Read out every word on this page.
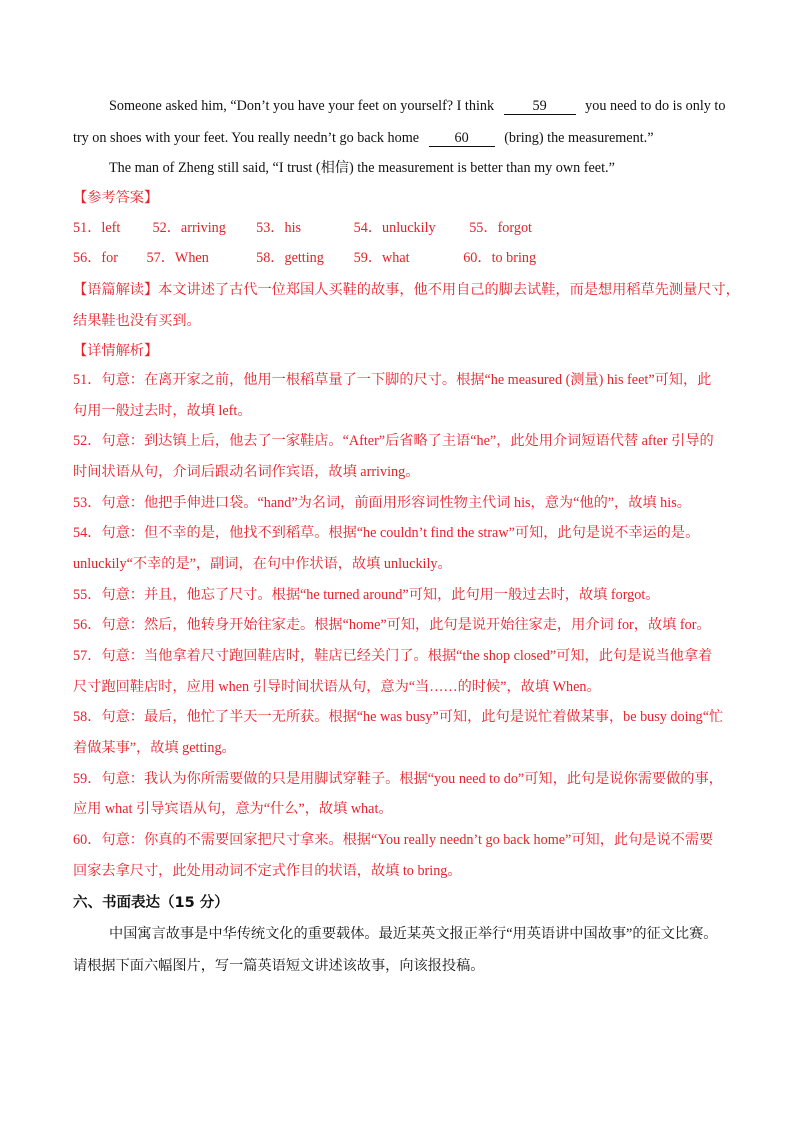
Someone asked him, “Don’t you have your feet on yourself? I think	59	you need to do is only to
try on shoes with your feet. You really needn’t go back home 60 (bring) the measurement.”
The man of Zheng still said, “I trust (相信) the measurement is better than my own feet.”
【参考答案】
51．left 52．arriving 53．his	54．unluckily 55．forgot
56．for 57．When	58．getting 59．what	60．to bring
【语篇解读】本文讲述了古代一位郑国人买鞋的故事，他不用自己的脚去试鞋，而是想用稻草先测量尺寸，
结果鞋也没有买到。
【详情解析】
51．句意：在离开家之前，他用一根稻草量了一下脚的尺寸。根据“he measured (测量) his feet”可知，此
句用一般过去时，故填 left。
52．句意：到达镇上后，他去了一家鞋店。“After”后省略了主语“he”，此处用介词短语代替 after 引导的
时间状语从句，介词后跟动名词作宾语，故填 arriving。
53．句意：他把手伸进口袋。“hand”为名词，前面用形容词性物主代词 his，意为“他的”，故填 his。
54．句意：但不幸的是，他找不到稻草。根据“he couldn’t find the straw”可知，此句是说不幸运的是。
unluckily“不幸的是”，副词，在句中作状语，故填 unluckily。
55．句意：并且，他忘了尺寸。根据“he turned around”可知，此句用一般过去时，故填 forgot。
56．句意：然后，他转身开始往家走。根据“home”可知，此句是说开始往家走，用介词 for，故填 for。
57．句意：当他拿着尺寸跑回鞋店时，鞋店已经关门了。根据“the shop closed”可知，此句是说当他拿着
尺寸跑回鞋店时，应用 when 引导时间状语从句，意为“当……的时候”，故填 When。
58．句意：最后，他忙了半天一无所获。根据“he was busy”可知，此句是说忙着做某事，be busy doing“忙
着做某事”，故填 getting。
59．句意：我认为你所需要做的只是用脚试穿鞋子。根据“you need to do”可知，此句是说你需要做的事，
应用 what 引导宾语从句，意为“什么”，故填 what。
60．句意：你真的不需要回家把尺寸拿来。根据“You really needn’t go back home”可知，此句是说不需要
回家去拿尺寸，此处用动词不定式作目的状语，故填 to bring。
六、书面表达（15 分）
中国寓言故事是中华传统文化的重要载体。最近某英文报正举行“用英语讲中国故事”的征文比赛。
请根据下面六幅图片，写一篇英语短文讲述该故事，向该报投稿。
